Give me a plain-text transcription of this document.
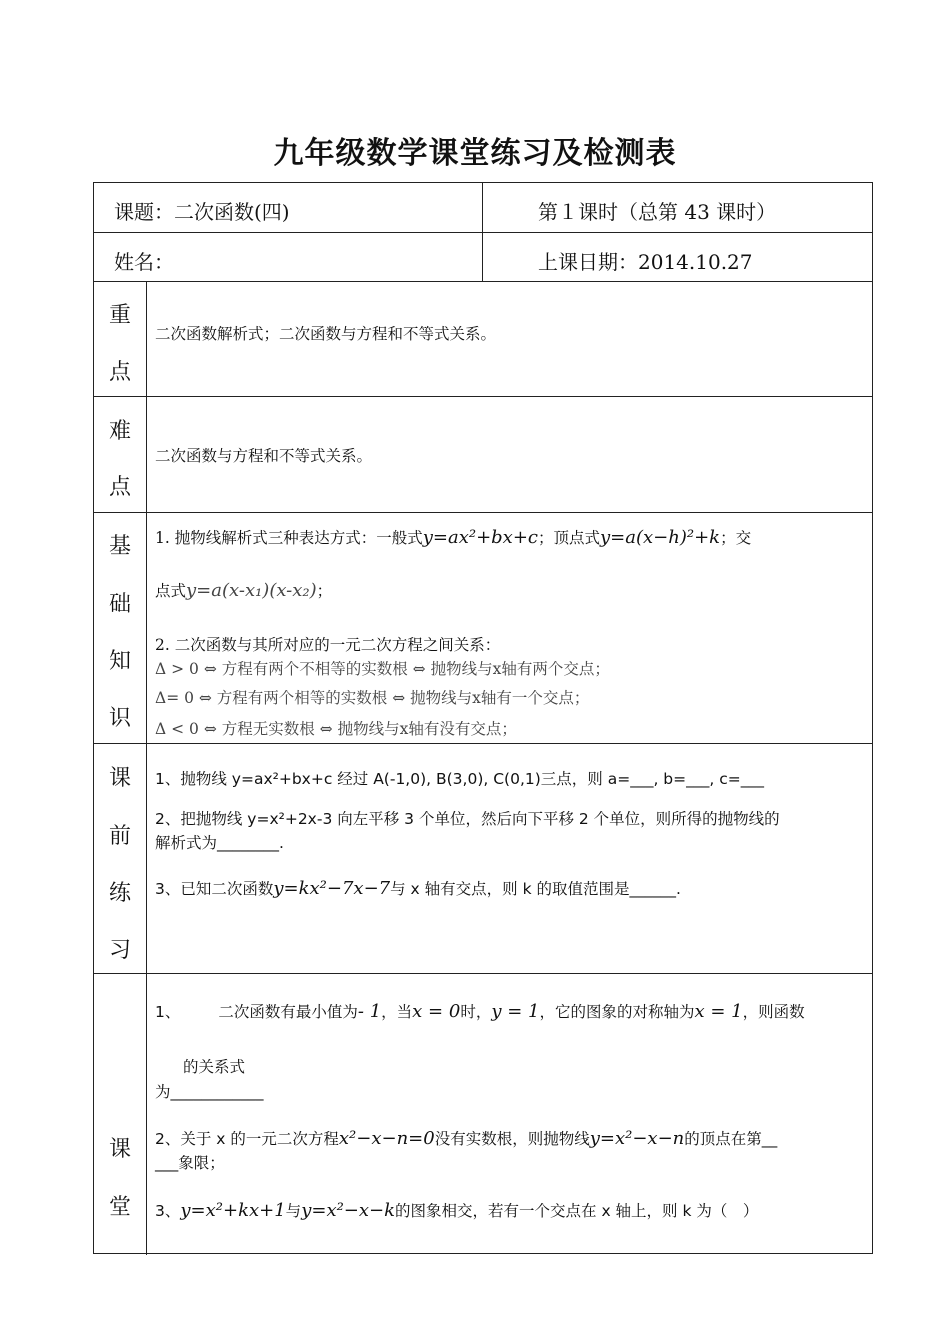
九年级数学课堂练习及检测表
课题：二次函数(四)	第１课时（总第 43 课时）
姓名：	上课日期：2014.10.27
重
点
二次函数解析式；二次函数与方程和不等式关系。
难
点
二次函数与方程和不等式关系。
基
础
知
识
1. 抛物线解析式三种表达方式：一般式y=ax²+bx+c；顶点式y=a(x−h)²+k；交
点式y=a(x-x₁)(x-x₂)；
2. 二次函数与其所对应的一元二次方程之间关系：
Δ > 0 ⇔ 方程有两个不相等的实数根 ⇔ 抛物线与x轴有两个交点；
Δ= 0 ⇔ 方程有两个相等的实数根 ⇔ 抛物线与x轴有一个交点；
Δ < 0 ⇔ 方程无实数根 ⇔ 抛物线与x轴有没有交点；
课
前
练
习
1、抛物线 y=ax²+bx+c 经过 A(-1,0), B(3,0), C(0,1)三点，则 a=___, b=___, c=___
2、把抛物线 y=x²+2x-3 向左平移 3 个单位，然后向下平移 2 个单位，则所得的抛物线的
解析式为________.
3、已知二次函数y=kx²−7x−7与 x 轴有交点，则 k 的取值范围是______.
课
堂
1、 二次函数有最小值为- 1，当x = 0时，y = 1，它的图象的对称轴为x = 1，则函数
的关系式
为____________
2、关于 x 的一元二次方程x²−x−n=0没有实数根，则抛物线y=x²−x−n的顶点在第__
___象限；
3、y=x²+kx+1与y=x²−x−k的图象相交，若有一个交点在 x 轴上，则 k 为（　）
